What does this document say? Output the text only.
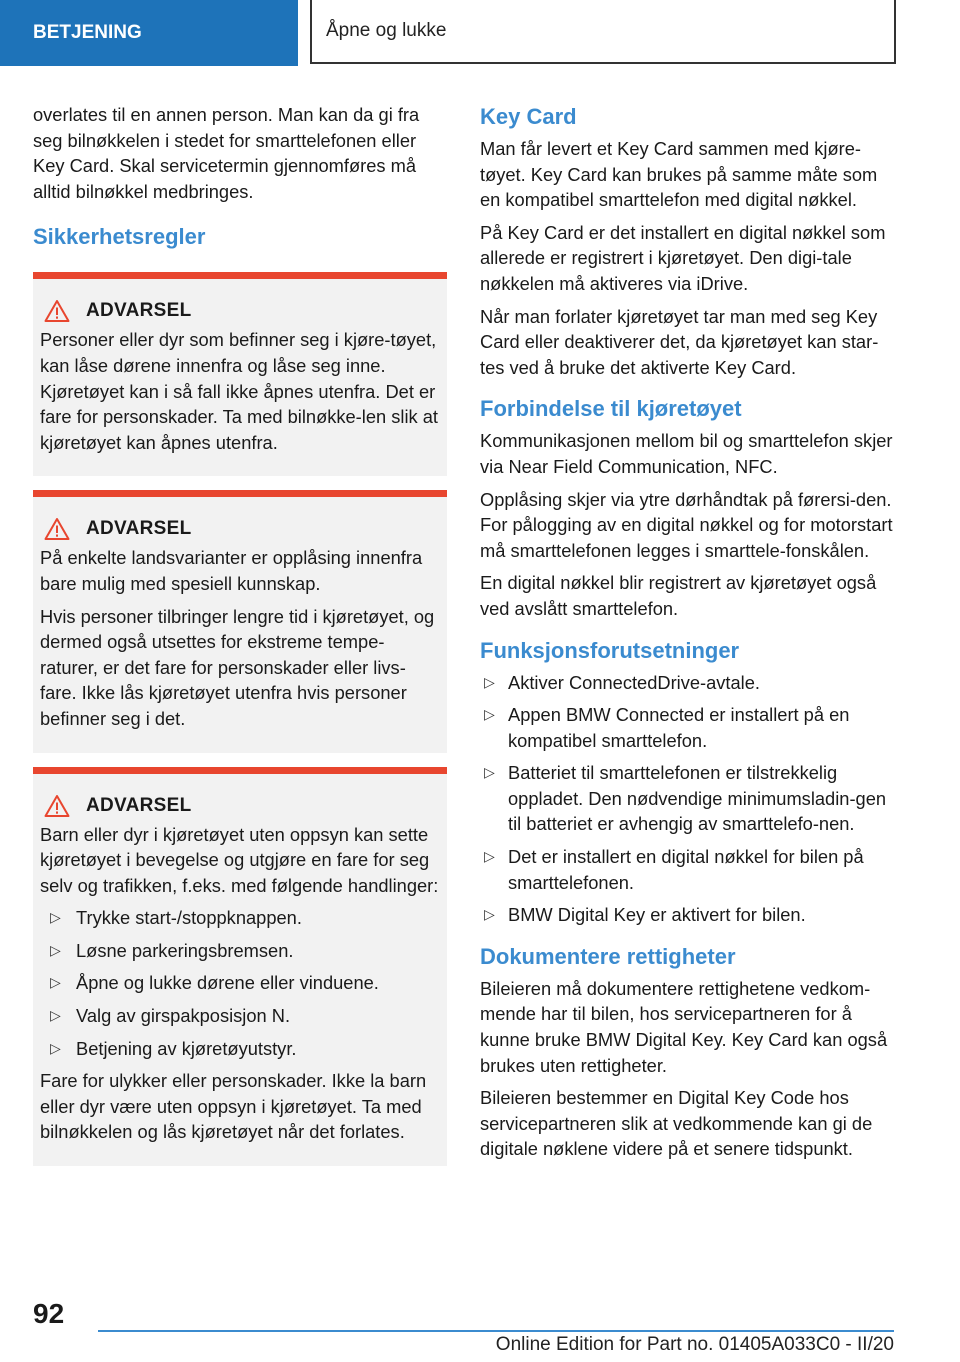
BETJENING	Åpne og lukke

overlates til en annen person. Man kan da gi fra seg bilnøkkelen i stedet for smarttelefonen eller Key Card. Skal servicetermin gjennomføres må alltid bilnøkkel medbringes.

Sikkerhetsregler
ADVARSEL

Personer eller dyr som befinner seg i kjøre-tøyet, kan låse dørene innenfra og låse seg inne. Kjøretøyet kan i så fall ikke åpnes utenfra. Det er fare for personskader. Ta med bilnøkke-len slik at kjøretøyet kan åpnes utenfra.

ADVARSEL

På enkelte landsvarianter er opplåsing innenfra bare mulig med spesiell kunnskap.

Hvis personer tilbringer lengre tid i kjøretøyet, og dermed også utsettes for ekstreme tempe-raturer, er det fare for personskader eller livs-fare. Ikke lås kjøretøyet utenfra hvis personer befinner seg i det.

ADVARSEL

Barn eller dyr i kjøretøyet uten oppsyn kan sette kjøretøyet i bevegelse og utgjøre en fare for seg selv og trafikken, f.eks. med følgende handlinger:

▷ Trykke start-/stoppknappen.
▷ Løsne parkeringsbremsen.
▷ Åpne og lukke dørene eller vinduene.
▷ Valg av girspakposisjon N.
▷ Betjening av kjøretøyutstyr.

Fare for ulykker eller personskader. Ikke la barn eller dyr være uten oppsyn i kjøretøyet. Ta med bilnøkkelen og lås kjøretøyet når det forlates.

Key Card

Man får levert et Key Card sammen med kjøre-tøyet. Key Card kan brukes på samme måte som en kompatibel smarttelefon med digital nøkkel.

På Key Card er det installert en digital nøkkel som allerede er registrert i kjøretøyet. Den digi-tale nøkkelen må aktiveres via iDrive.

Når man forlater kjøretøyet tar man med seg Key Card eller deaktiverer det, da kjøretøyet kan star-tes ved å bruke det aktiverte Key Card.

Forbindelse til kjøretøyet

Kommunikasjonen mellom bil og smarttelefon skjer via Near Field Communication, NFC.

Opplåsing skjer via ytre dørhåndtak på førersi-den. For pålogging av en digital nøkkel og for motorstart må smarttelefonen legges i smarttele-fonskålen.

En digital nøkkel blir registrert av kjøretøyet også ved avslått smarttelefon.

Funksjonsforutsetninger
▷ Aktiver ConnectedDrive-avtale.
▷ Appen BMW Connected er installert på en kompatibel smarttelefon.
▷ Batteriet til smarttelefonen er tilstrekkelig oppladet. Den nødvendige minimumsladin-gen til batteriet er avhengig av smarttelefo-nen.
▷ Det er installert en digital nøkkel for bilen på smarttelefonen.
▷ BMW Digital Key er aktivert for bilen.
Dokumentere rettigheter

Bileieren må dokumentere rettighetene vedkom-mende har til bilen, hos servicepartneren for å kunne bruke BMW Digital Key. Key Card kan også brukes uten rettigheter.

Bileieren bestemmer en Digital Key Code hos servicepartneren slik at vedkommende kan gi de digitale nøklene videre på et senere tidspunkt.

92
Online Edition for Part no. 01405A033C0 - II/20
